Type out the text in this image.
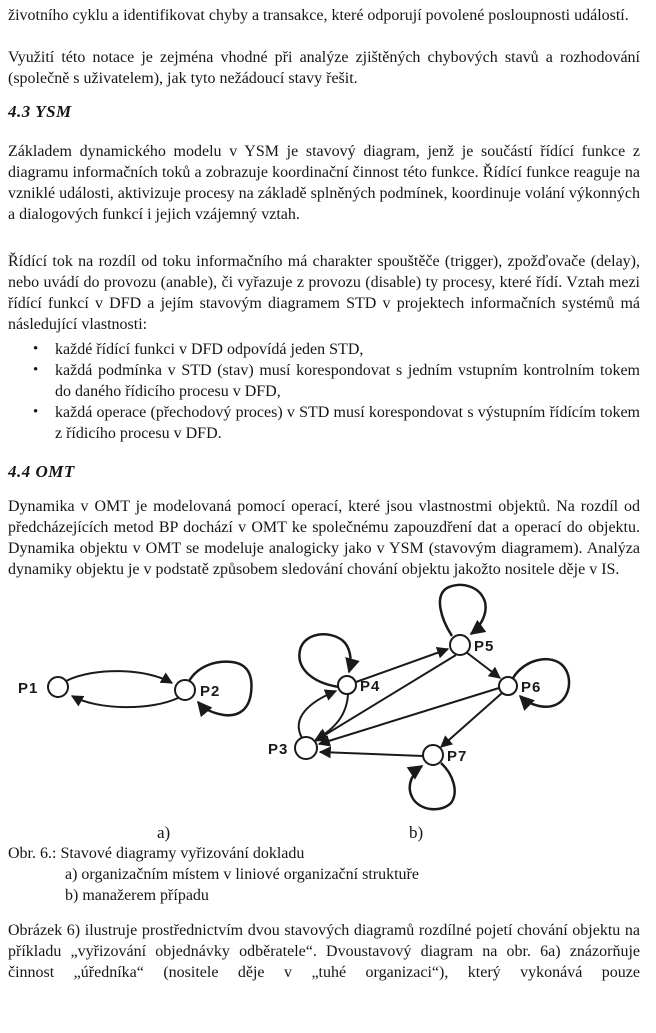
životního cyklu a identifikovat chyby a transakce, které odporují povolené posloupnosti událostí.

Využití této notace je zejména vhodné při analýze zjištěných chybových stavů a rozhodování (společně s uživatelem), jak tyto nežádoucí stavy řešit.

4.3 YSM

Základem dynamického modelu v YSM je stavový diagram, jenž je součástí řídící funkce z diagramu informačních toků a zobrazuje koordinační činnost této funkce. Řídící funkce reaguje na vzniklé události, aktivizuje procesy na základě splněných podmínek, koordinuje volání výkonných a dialogových funkcí i jejich vzájemný vztah.

Řídící tok na rozdíl od toku informačního má charakter spouštěče (trigger), zpožďovače (delay), nebo uvádí do provozu (anable), či vyřazuje z provozu (disable) ty procesy, které řídí. Vztah mezi řídící funkcí v DFD a jejím stavovým diagramem STD v projektech informačních systémů má následující vlastnosti:

• každé řídící funkci v DFD odpovídá jeden STD,
• každá podmínka v STD (stav) musí korespondovat s jedním vstupním kontrolním tokem do daného řídicího procesu v DFD,
• každá operace (přechodový proces) v STD musí korespondovat s výstupním řídícím tokem z řídicího procesu v DFD.
4.4 OMT

Dynamika v OMT je modelovaná pomocí operací, které jsou vlastnostmi objektů. Na rozdíl od předcházejících metod BP dochází v OMT ke společnému zapouzdření dat a operací do objektu. Dynamika objektu v OMT se modeluje analogicky jako v YSM (stavovým diagramem). Analýza dynamiky objektu je v podstatě způsobem sledování chování objektu jakožto nositele děje v IS.

P1	P2
a)
P3
P4
P5
P6
P7
b)
Obr. 6.: Stavové diagramy vyřizování dokladu
a) organizačním místem v liniové organizační struktuře
b) manažerem případu

Obrázek 6) ilustruje prostřednictvím dvou stavových diagramů rozdílné pojetí chování objektu na příkladu „vyřizování objednávky odběratele“. Dvoustavový diagram na obr. 6a) znázorňuje činnost „úředníka“ (nositele děje v „tuhé organizaci“), který vykonává pouze
